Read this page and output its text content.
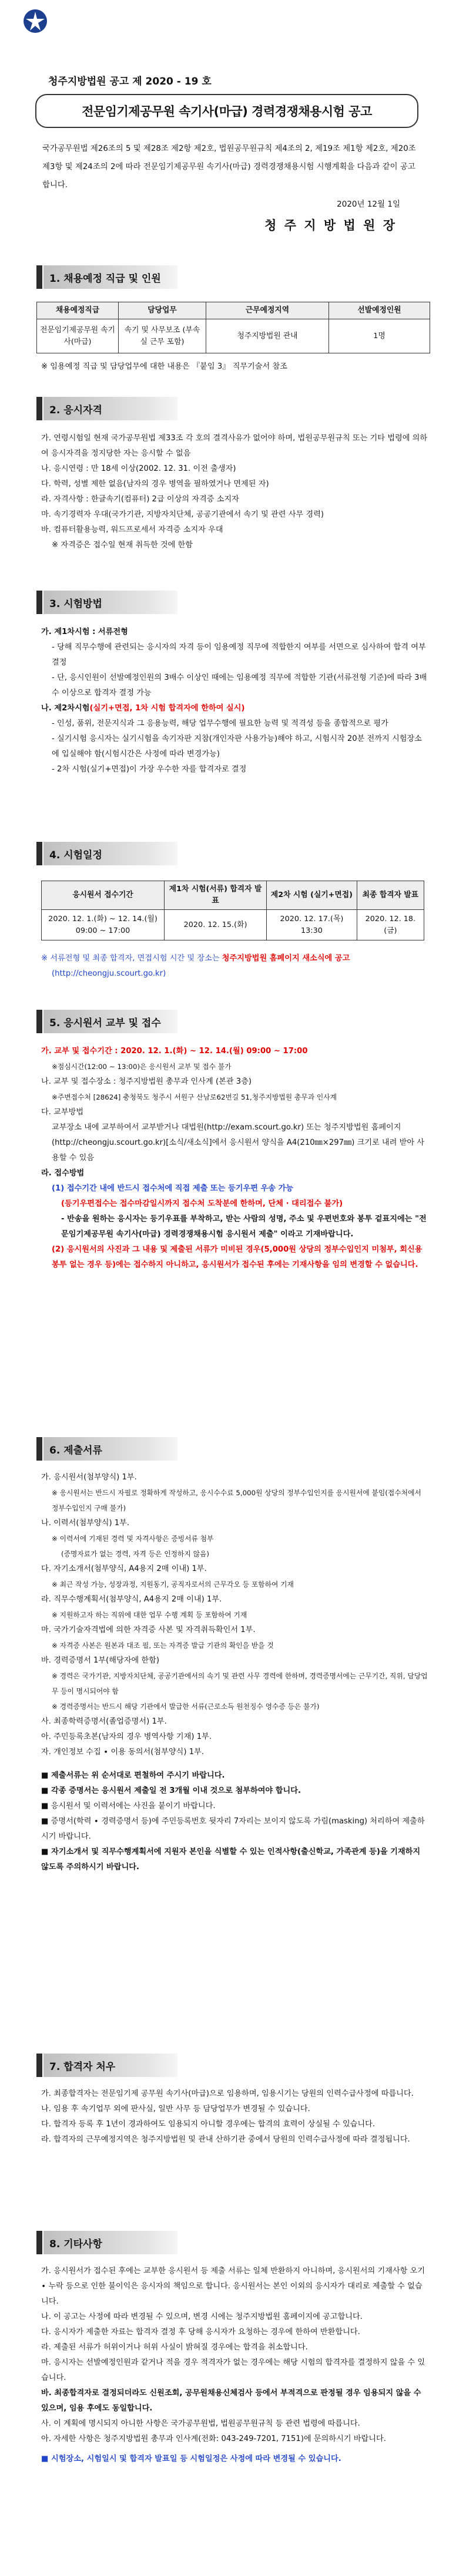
청주지방법원 공고 제 2020 - 19 호
전문임기제공무원 속기사(마급) 경력경쟁채용시험 공고
국가공무원법 제26조의 5 및 제28조 제2항 제2호, 법원공무원규칙 제4조의 2, 제19조 제1항 제2호, 제20조 제3항 및 제24조의 2에 따라 전문임기제공무원 속기사(마급) 경력경쟁채용시험 시행계획을 다음과 같이 공고합니다.
2020년 12월 1일
청 주 지 방 법 원 장
1. 채용예정 직급 및 인원
채용예정직급	담당업무	근무예정지역	선발예정인원
전문임기제공무원 속기사(마급)	속기 및 사무보조 (부속실 근무 포함)	청주지방법원 관내	1명
※ 임용예정 직급 및 담당업무에 대한 내용은 『붙임 3』 직무기술서 참조
2. 응시자격

가. 연령시험일 현재 국가공무원법 제33조 각 호의 결격사유가 없어야 하며, 법원공무원규칙 또는 기타 법령에 의하여 응시자격을 정지당한 자는 응시할 수 없음

나. 응시연령 : 만 18세 이상(2002. 12. 31. 이전 출생자)

다. 학력, 성별 제한 없음(남자의 경우 병역을 필하였거나 면제된 자)

라. 자격사항 : 한글속기(컴퓨터) 2급 이상의 자격증 소지자

마. 속기경력자 우대(국가기관, 지방자치단체, 공공기관에서 속기 및 관련 사무 경력)

바. 컴퓨터활용능력, 워드프로세서 자격증 소지자 우대

※ 자격증은 접수일 현재 취득한 것에 한함

3. 시험방법

가. 제1차시험 : 서류전형

- 당해 직무수행에 관련되는 응시자의 자격 등이 임용예정 직무에 적합한지 여부를 서면으로 심사하여 합격 여부 결정

- 단, 응시인원이 선발예정인원의 3배수 이상인 때에는 임용예정 직무에 적합한 기관(서류전형 기준)에 따라 3배수 이상으로 합격자 결정 가능

나. 제2차시험(실기+면접, 1차 시험 합격자에 한하여 실시)

- 인성, 품위, 전문지식과 그 응용능력, 해당 업무수행에 필요한 능력 및 적격성 등을 종합적으로 평가

- 실기시험 응시자는 실기시험을 속기자판 지참(개인자판 사용가능)해야 하고, 시험시작 20분 전까지 시험장소에 입실해야 함(시험시간은 사정에 따라 변경가능)

- 2차 시험(실기+면접)이 가장 우수한 자를 합격자로 결정

4. 시험일정
응시원서 접수기간	제1차 시험(서류) 합격자 발표	제2차 시험 (실기+면접)	최종 합격자 발표
2020. 12. 1.(화) ~ 12. 14.(월) 09:00 ~ 17:00	2020. 12. 15.(화)	2020. 12. 17.(목) 13:30	2020. 12. 18.(금)

※ 서류전형 및 최종 합격자, 면접시험 시간 및 장소는 청주지방법원 홈페이지 새소식에 공고

(http://cheongju.scourt.go.kr)

5. 응시원서 교부 및 접수

가. 교부 및 접수기간 : 2020. 12. 1.(화) ~ 12. 14.(월) 09:00 ~ 17:00

※점심시간(12:00 ~ 13:00)은 응시원서 교부 및 접수 불가

나. 교부 및 접수장소 : 청주지방법원 총무과 인사계 (본관 3층)

※주변접수처 [28624] 충청북도 청주시 서원구 산남로62번길 51,청주지방법원 총무과 인사계

다. 교부방법

교부장소 내에 교부하여서 교부받거나 대법원(http://exam.scourt.go.kr) 또는 청주지방법원 홈페이지(http://cheongju.scourt.go.kr)[소식/새소식]에서 응시원서 양식을 A4(210㎜×297㎜) 크기로 내려 받아 사용할 수 있음

라. 접수방법

(1) 접수기간 내에 반드시 접수처에 직접 제출 또는 등기우편 우송 가능

(등기우편접수는 접수마감일시까지 접수처 도착분에 한하며, 단체 ∙ 대리접수 불가)

- 반송을 원하는 응시자는 등기우표를 부착하고, 받는 사람의 성명, 주소 및 우편번호와 봉투 겉표지에는 "전문임기제공무원 속기사(마급) 경력경쟁채용시험 응시원서 제출" 이라고 기재바랍니다.

(2) 응시원서의 사진과 그 내용 및 제출된 서류가 미비된 경우(5,000원 상당의 정부수입인지 미첨부, 회신용 봉투 없는 경우 등)에는 접수하지 아니하고, 응시원서가 접수된 후에는 기재사항을 임의 변경할 수 없습니다.

6. 제출서류

가. 응시원서(첨부양식) 1부.

※ 응시원서는 반드시 자필로 정확하게 작성하고, 응시수수료 5,000원 상당의 정부수입인지를 응시원서에 붙임(접수처에서 정부수입인지 구매 불가)

나. 이력서(첨부양식) 1부.

※ 이력서에 기재된 경력 및 자격사항은 증빙서류 첨부

(증명자료가 없는 경력, 자격 등은 인정하지 않음)

다. 자기소개서(첨부양식, A4용지 2매 이내) 1부.

※ 최근 작성 가능, 성장과정, 지원동기, 공직자로서의 근무각오 등 포함하여 기재

라. 직무수행계획서(첨부양식, A4용지 2매 이내) 1부.

※ 지원하고자 하는 직위에 대한 업무 수행 계획 등 포함하여 기재

마. 국가기술자격법에 의한 자격증 사본 및 자격취득확인서 1부.

※ 자격증 사본은 원본과 대조 필, 또는 자격증 발급 기관의 확인을 받을 것

바. 경력증명서 1부(해당자에 한함)

※ 경력은 국가기관, 지방자치단체, 공공기관에서의 속기 및 관련 사무 경력에 한하며, 경력증명서에는 근무기간, 직위, 담당업무 등이 명시되어야 함

※ 경력증명서는 반드시 해당 기관에서 발급한 서류(근로소득 원천징수 영수증 등은 불가)

사. 최종학력증명서(졸업증명서) 1부.

아. 주민등록초본(남자의 경우 병역사항 기재) 1부.

자. 개인정보 수집 ∙ 이용 동의서(첨부양식) 1부.

■ 제출서류는 위 순서대로 편철하여 주시기 바랍니다.

■ 각종 증명서는 응시원서 제출일 전 3개월 이내 것으로 첨부하여야 합니다.

■ 응시원서 및 이력서에는 사진을 붙이기 바랍니다.

■ 증명서(학력 ∙ 경력증명서 등)에 주민등록번호 뒷자리 7자리는 보이지 않도록 가림(masking) 처리하여 제출하시기 바랍니다.

■ 자기소개서 및 직무수행계획서에 지원자 본인을 식별할 수 있는 인적사항(출신학교, 가족관계 등)을 기재하지 않도록 주의하시기 바랍니다.

7. 합격자 처우

가. 최종합격자는 전문임기제 공무원 속기사(마급)으로 임용하며, 임용시기는 당원의 인력수급사정에 따릅니다.

나. 임용 후 속기업무 외에 판사실, 일반 사무 등 담당업무가 변경될 수 있습니다.

다. 합격자 등록 후 1년이 경과하여도 임용되지 아니할 경우에는 합격의 효력이 상실될 수 있습니다.

라. 합격자의 근무예정지역은 청주지방법원 및 관내 산하기관 중에서 당원의 인력수급사정에 따라 결정됩니다.

8. 기타사항

가. 응시원서가 접수된 후에는 교부한 응시원서 등 제출 서류는 일체 반환하지 아니하며, 응시원서의 기재사항 오기 ∙ 누락 등으로 인한 불이익은 응시자의 책임으로 합니다. 응시원서는 본인 이외의 응시자가 대리로 제출할 수 없습니다.

나. 이 공고는 사정에 따라 변경될 수 있으며, 변경 시에는 청주지방법원 홈페이지에 공고합니다.

다. 응시자가 제출한 자료는 합격자 결정 후 당해 응시자가 요청하는 경우에 한하여 반환합니다.

라. 제출된 서류가 허위이거나 허위 사실이 밝혀질 경우에는 합격을 취소합니다.

마. 응시자는 선발예정인원과 같거나 적을 경우 적격자가 없는 경우에는 해당 시험의 합격자를 결정하지 않을 수 있습니다.

바. 최종합격자로 결정되더라도 신원조회, 공무원채용신체검사 등에서 부적격으로 판정될 경우 임용되지 않을 수 있으며, 임용 후에도 동일합니다.

사. 이 계획에 명시되지 아니한 사항은 국가공무원법, 법원공무원규칙 등 관련 법령에 따릅니다.

아. 자세한 사항은 청주지방법원 총무과 인사계(전화: 043-249-7201, 7151)에 문의하시기 바랍니다.

■ 시험장소, 시험일시 및 합격자 발표일 등 시험일정은 사정에 따라 변경될 수 있습니다.
